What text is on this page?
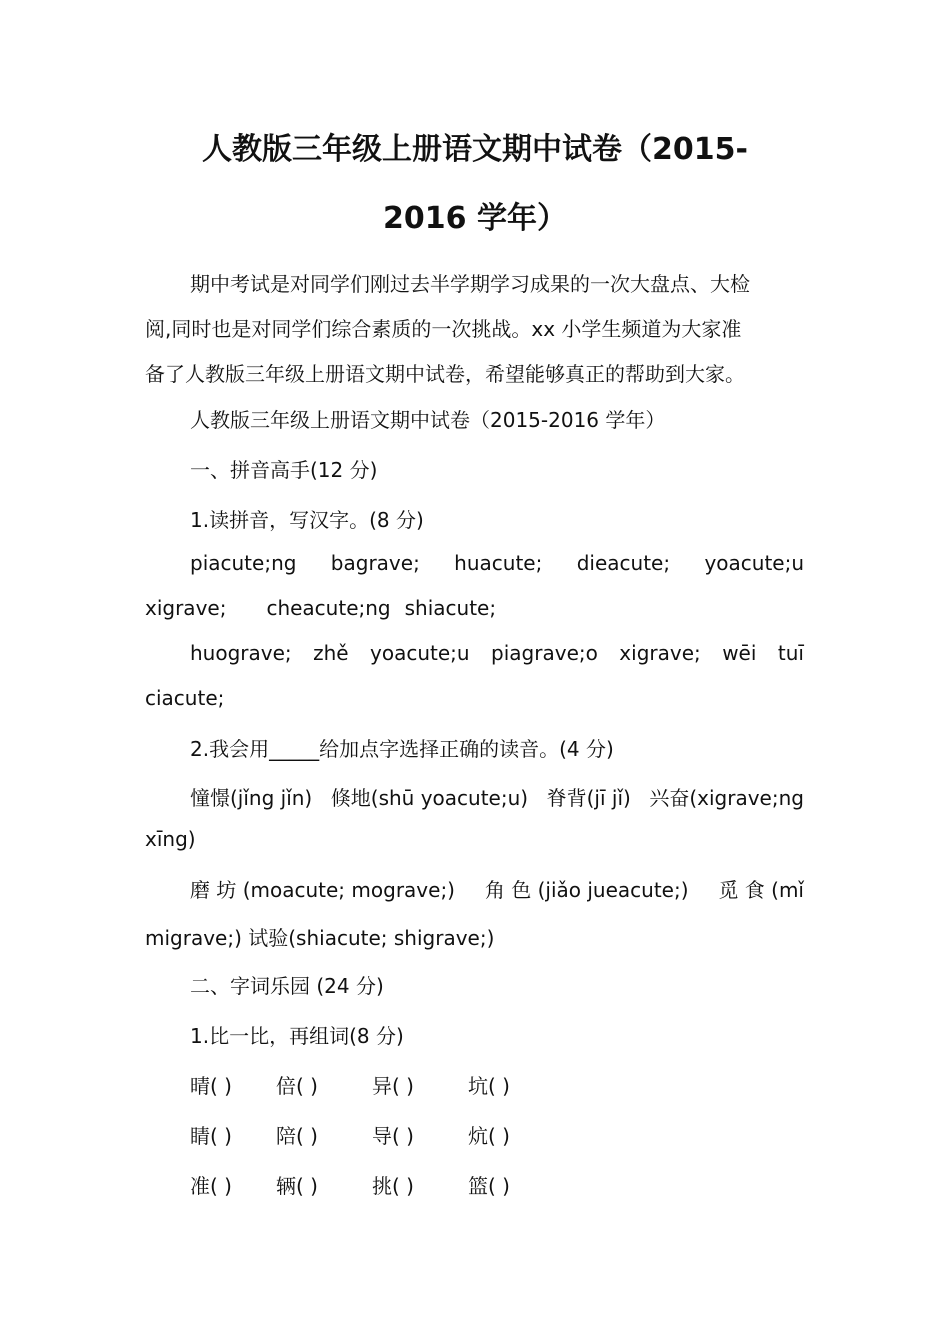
人教版三年级上册语文期中试卷（2015-
2016 学年）
期中考试是对同学们刚过去半学期学习成果的一次大盘点、大检
阅,同时也是对同学们综合素质的一次挑战。xx 小学生频道为大家准
备了人教版三年级上册语文期中试卷，希望能够真正的帮助到大家。
人教版三年级上册语文期中试卷（2015-2016 学年）
一、拼音高手(12 分)
1.读拼音，写汉字。(8 分)
piacute;ng bagrave; huacute; dieacute; yoacute;u
xigrave; cheacute;ng shiacute;
huograve; zhě yoacute;u piagrave;o xigrave; wēi tuī
ciacute;
2.我会用_____给加点字选择正确的读音。(4 分)
憧憬(jǐng jǐn) 倏地(shū yoacute;u) 脊背(jī jǐ) 兴奋(xigrave;ng
xīng)
磨 坊 (moacute; mograve;) 角 色 (jiǎo jueacute;) 觅 食 (mǐ
migrave;) 试验(shiacute; shigrave;)
二、字词乐园 (24 分)
1.比一比，再组词(8 分)
晴( ) 倍( )	异( )	坑( )
睛( ) 陪( )	导( )	炕( )
准( ) 辆( )	挑( )	篮( )
